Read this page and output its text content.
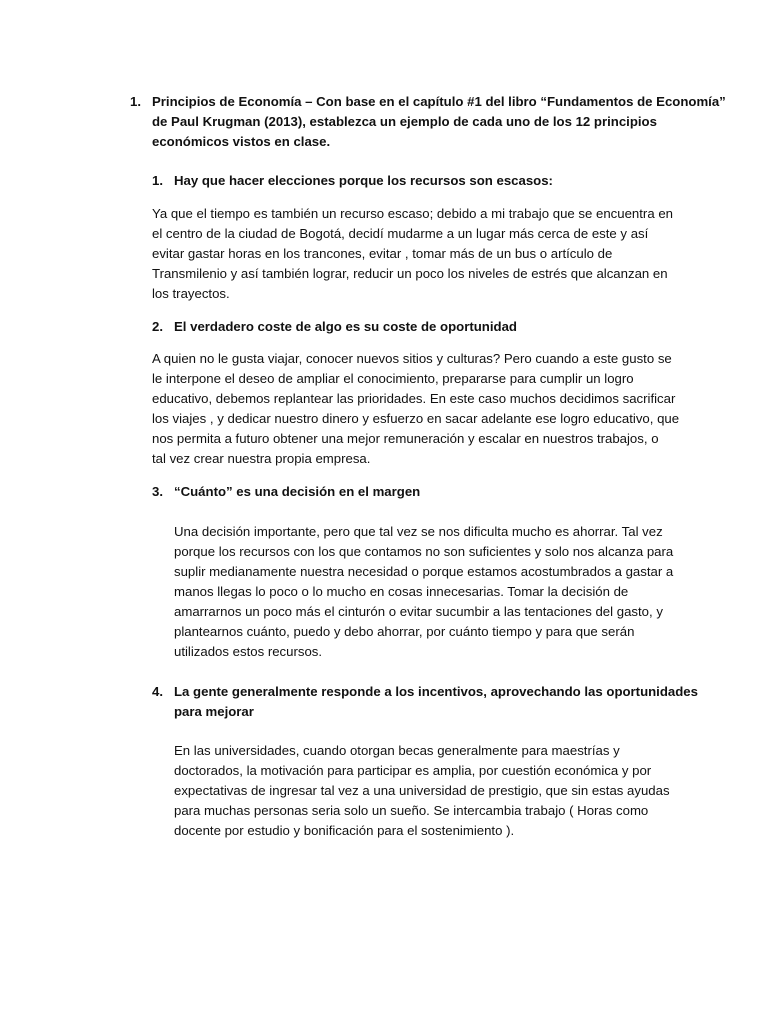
1. Principios de Economía – Con base en el capítulo #1 del libro “Fundamentos de Economía”
de Paul Krugman (2013), establezca un ejemplo de cada uno de los 12 principios
económicos vistos en clase.
1. Hay que hacer elecciones porque los recursos son escasos:
Ya que el tiempo es también un recurso escaso; debido a mi trabajo que se encuentra en
el centro de la ciudad de Bogotá, decidí mudarme a un lugar más cerca de este y así
evitar gastar horas en los trancones, evitar , tomar más de un bus o artículo de
Transmilenio y así también lograr, reducir un poco los niveles de estrés que alcanzan en
los trayectos.
2. El verdadero coste de algo es su coste de oportunidad
A quien no le gusta viajar, conocer nuevos sitios y culturas? Pero cuando a este gusto se
le interpone el deseo de ampliar el conocimiento, prepararse para cumplir un logro
educativo, debemos replantear las prioridades. En este caso muchos decidimos sacrificar
los viajes , y dedicar nuestro dinero y esfuerzo en sacar adelante ese logro educativo, que
nos permita a futuro obtener una mejor remuneración y escalar en nuestros trabajos, o
tal vez crear nuestra propia empresa.
3. “Cuánto” es una decisión en el margen
Una decisión importante, pero que tal vez se nos dificulta mucho es ahorrar. Tal vez
porque los recursos con los que contamos no son suficientes y solo nos alcanza para
suplir medianamente nuestra necesidad o porque estamos acostumbrados a gastar a
manos llegas lo poco o lo mucho en cosas innecesarias. Tomar la decisión de
amarrarnos un poco más el cinturón o evitar sucumbir a las tentaciones del gasto, y
plantearnos cuánto, puedo y debo ahorrar, por cuánto tiempo y para que serán
utilizados estos recursos.
4. La gente generalmente responde a los incentivos, aprovechando las oportunidades
para mejorar
En las universidades, cuando otorgan becas generalmente para maestrías y
doctorados, la motivación para participar es amplia, por cuestión económica y por
expectativas de ingresar tal vez a una universidad de prestigio, que sin estas ayudas
para muchas personas seria solo un sueño. Se intercambia trabajo ( Horas como
docente por estudio y bonificación para el sostenimiento ).
